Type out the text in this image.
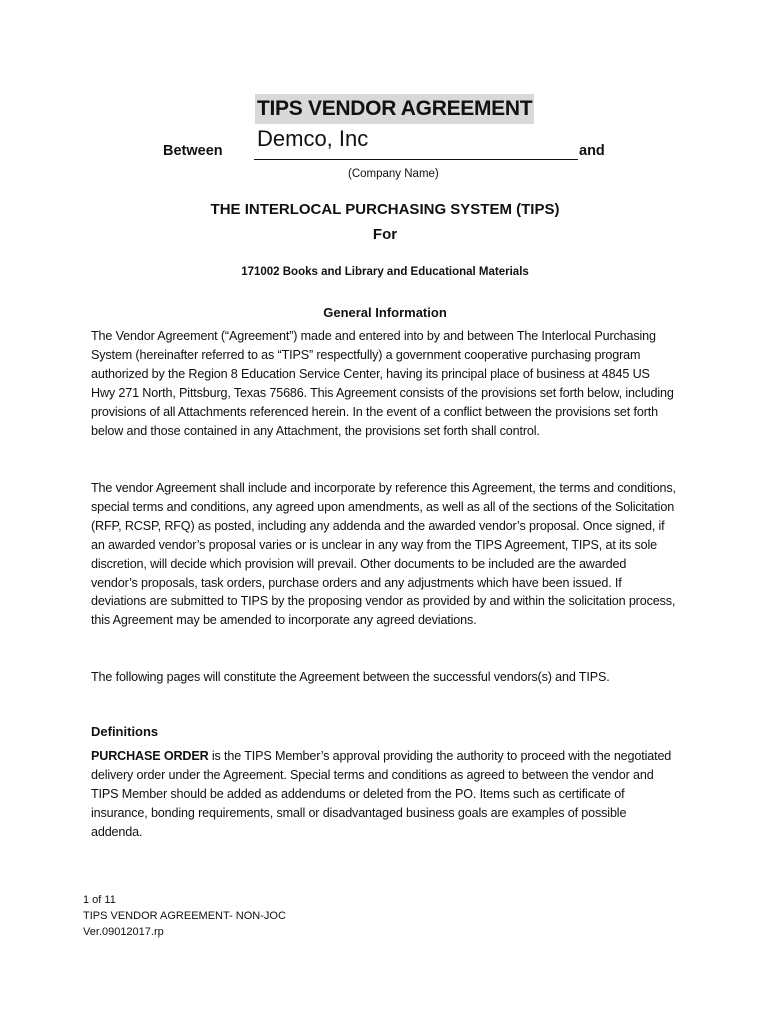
TIPS VENDOR AGREEMENT
Between Demco, Inc	and
(Company Name)
THE INTERLOCAL PURCHASING SYSTEM (TIPS)
For
171002 Books and Library and Educational Materials
General Information
The Vendor Agreement (“Agreement”) made and entered into by and between The Interlocal Purchasing System (hereinafter referred to as “TIPS” respectfully) a government cooperative purchasing program authorized by the Region 8 Education Service Center, having its principal place of business at 4845 US Hwy 271 North, Pittsburg, Texas 75686. This Agreement consists of the provisions set forth below, including provisions of all Attachments referenced herein. In the event of a conflict between the provisions set forth below and those contained in any Attachment, the provisions set forth shall control.
The vendor Agreement shall include and incorporate by reference this Agreement, the terms and conditions, special terms and conditions, any agreed upon amendments, as well as all of the sections of the Solicitation (RFP, RCSP, RFQ) as posted, including any addenda and the awarded vendor’s proposal. Once signed, if an awarded vendor’s proposal varies or is unclear in any way from the TIPS Agreement, TIPS, at its sole discretion, will decide which provision will prevail. Other documents to be included are the awarded vendor’s proposals, task orders, purchase orders and any adjustments which have been issued. If deviations are submitted to TIPS by the proposing vendor as provided by and within the solicitation process, this Agreement may be amended to incorporate any agreed deviations.
The following pages will constitute the Agreement between the successful vendors(s) and TIPS.
Definitions
PURCHASE ORDER is the TIPS Member’s approval providing the authority to proceed with the negotiated delivery order under the Agreement. Special terms and conditions as agreed to between the vendor and TIPS Member should be added as addendums or deleted from the PO. Items such as certificate of insurance, bonding requirements, small or disadvantaged business goals are examples of possible addenda.
1 of 11
TIPS VENDOR AGREEMENT- NON-JOC
Ver.09012017.rp
